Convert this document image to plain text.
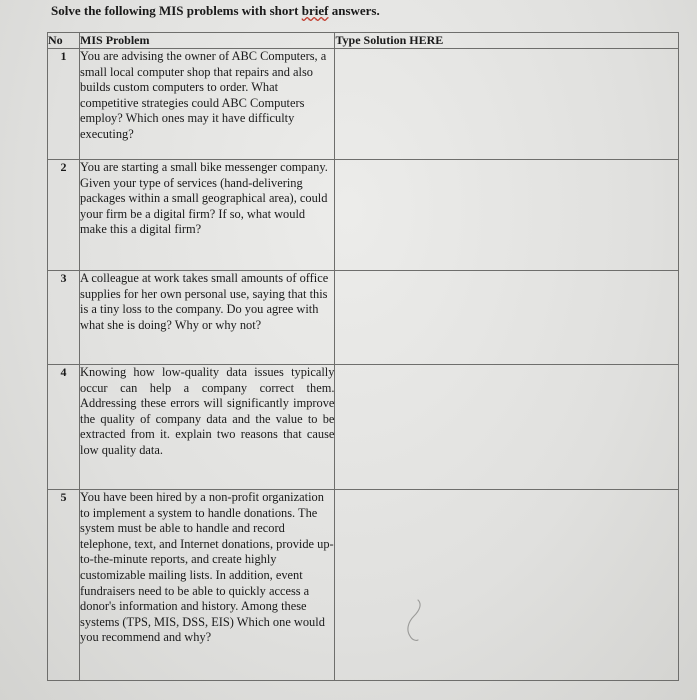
Solve the following MIS problems with short brief answers.
No	MIS Problem	Type Solution HERE
1	You are advising the owner of ABC Computers, a small local computer shop that repairs and also builds custom computers to order. What competitive strategies could ABC Computers employ? Which ones may it have difficulty executing?	
2	You are starting a small bike messenger company. Given your type of services (hand-delivering packages within a small geographical area), could your firm be a digital firm? If so, what would make this a digital firm?	
3	A colleague at work takes small amounts of office supplies for her own personal use, saying that this is a tiny loss to the company. Do you agree with what she is doing? Why or why not?	
4	Knowing how low-quality data issues typically occur can help a company correct them. Addressing these errors will significantly improve the quality of company data and the value to be extracted from it. explain two reasons that cause low quality data.	
5	You have been hired by a non-profit organization to implement a system to handle donations. The system must be able to handle and record telephone, text, and Internet donations, provide up-to-the-minute reports, and create highly customizable mailing lists. In addition, event fundraisers need to be able to quickly access a donor's information and history. Among these systems (TPS, MIS, DSS, EIS) Which one would you recommend and why?	
